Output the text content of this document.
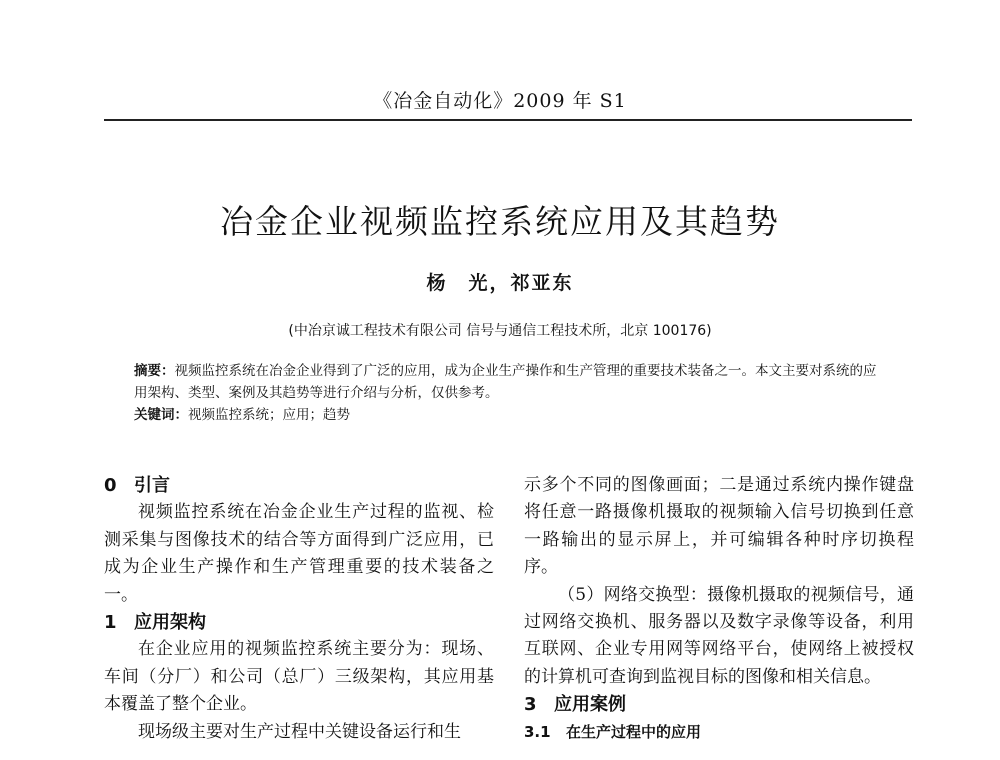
《冶金自动化》2009 年 S1
冶金企业视频监控系统应用及其趋势
杨　光，祁亚东
(中冶京诚工程技术有限公司 信号与通信工程技术所，北京 100176)
摘要：视频监控系统在冶金企业得到了广泛的应用，成为企业生产操作和生产管理的重要技术装备之一。本文主要对系统的应用架构、类型、案例及其趋势等进行介绍与分析，仅供参考。
关键词：视频监控系统；应用；趋势
0 引言

视频监控系统在冶金企业生产过程的监视、检测采集与图像技术的结合等方面得到广泛应用，已成为企业生产操作和生产管理重要的技术装备之一。

1 应用架构

在企业应用的视频监控系统主要分为：现场、车间（分厂）和公司（总厂）三级架构，其应用基本覆盖了整个企业。

现场级主要对生产过程中关键设备运行和生

示多个不同的图像画面；二是通过系统内操作键盘将任意一路摄像机摄取的视频输入信号切换到任意一路输出的显示屏上，并可编辑各种时序切换程序。

（5）网络交换型：摄像机摄取的视频信号，通过网络交换机、服务器以及数字录像等设备，利用互联网、企业专用网等网络平台，使网络上被授权的计算机可查询到监视目标的图像和相关信息。

3 应用案例
3.1 在生产过程中的应用
